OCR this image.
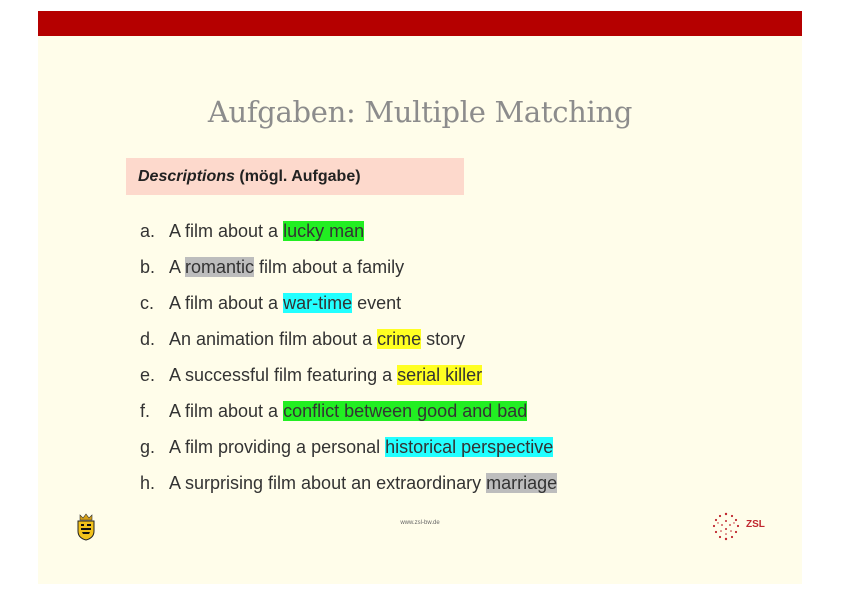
Aufgaben: Multiple Matching
Descriptions (mögl. Aufgabe)
a. A film about a lucky man
b. A romantic film about a family
c. A film about a war-time event
d. An animation film about a crime story
e. A successful film featuring a serial killer
f.	A film about a conflict between good and bad
g. A film providing a personal historical perspective
h. A surprising film about an extraordinary marriage
www.zsl-bw.de	ZSL
